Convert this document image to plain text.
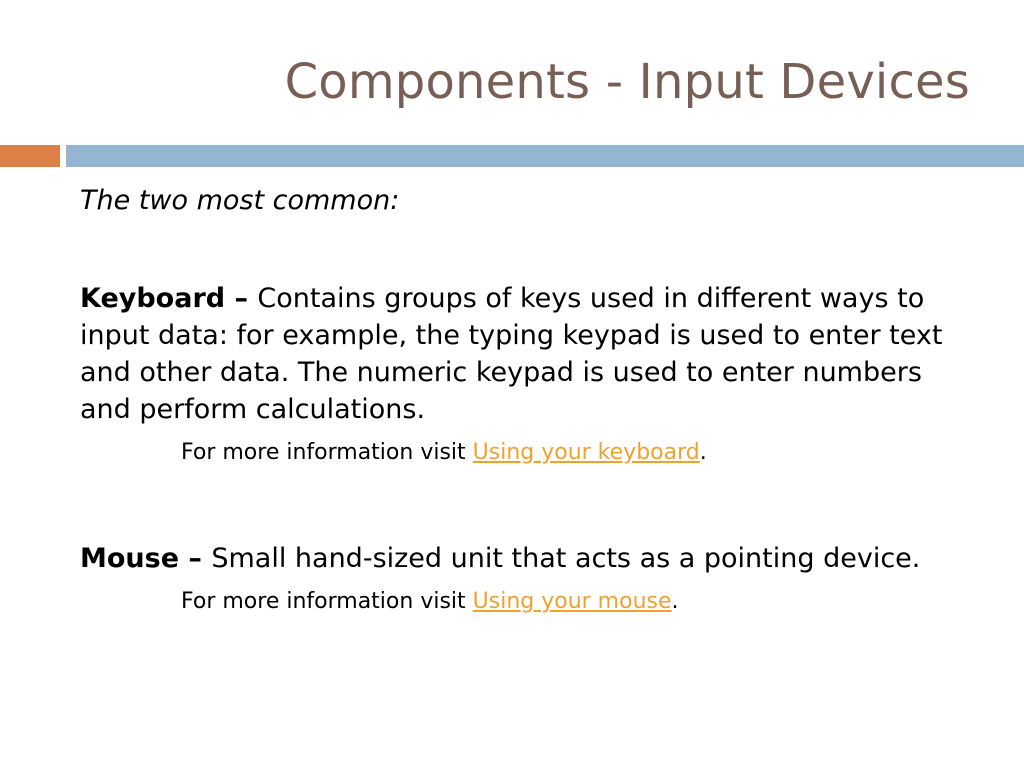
Components - Input Devices

The two most common:

Keyboard – Contains groups of keys used in different ways to input data: for example, the typing keypad is used to enter text and other data. The numeric keypad is used to enter numbers and perform calculations.

For more information visit Using your keyboard.

Mouse – Small hand-sized unit that acts as a pointing device.

For more information visit Using your mouse.
